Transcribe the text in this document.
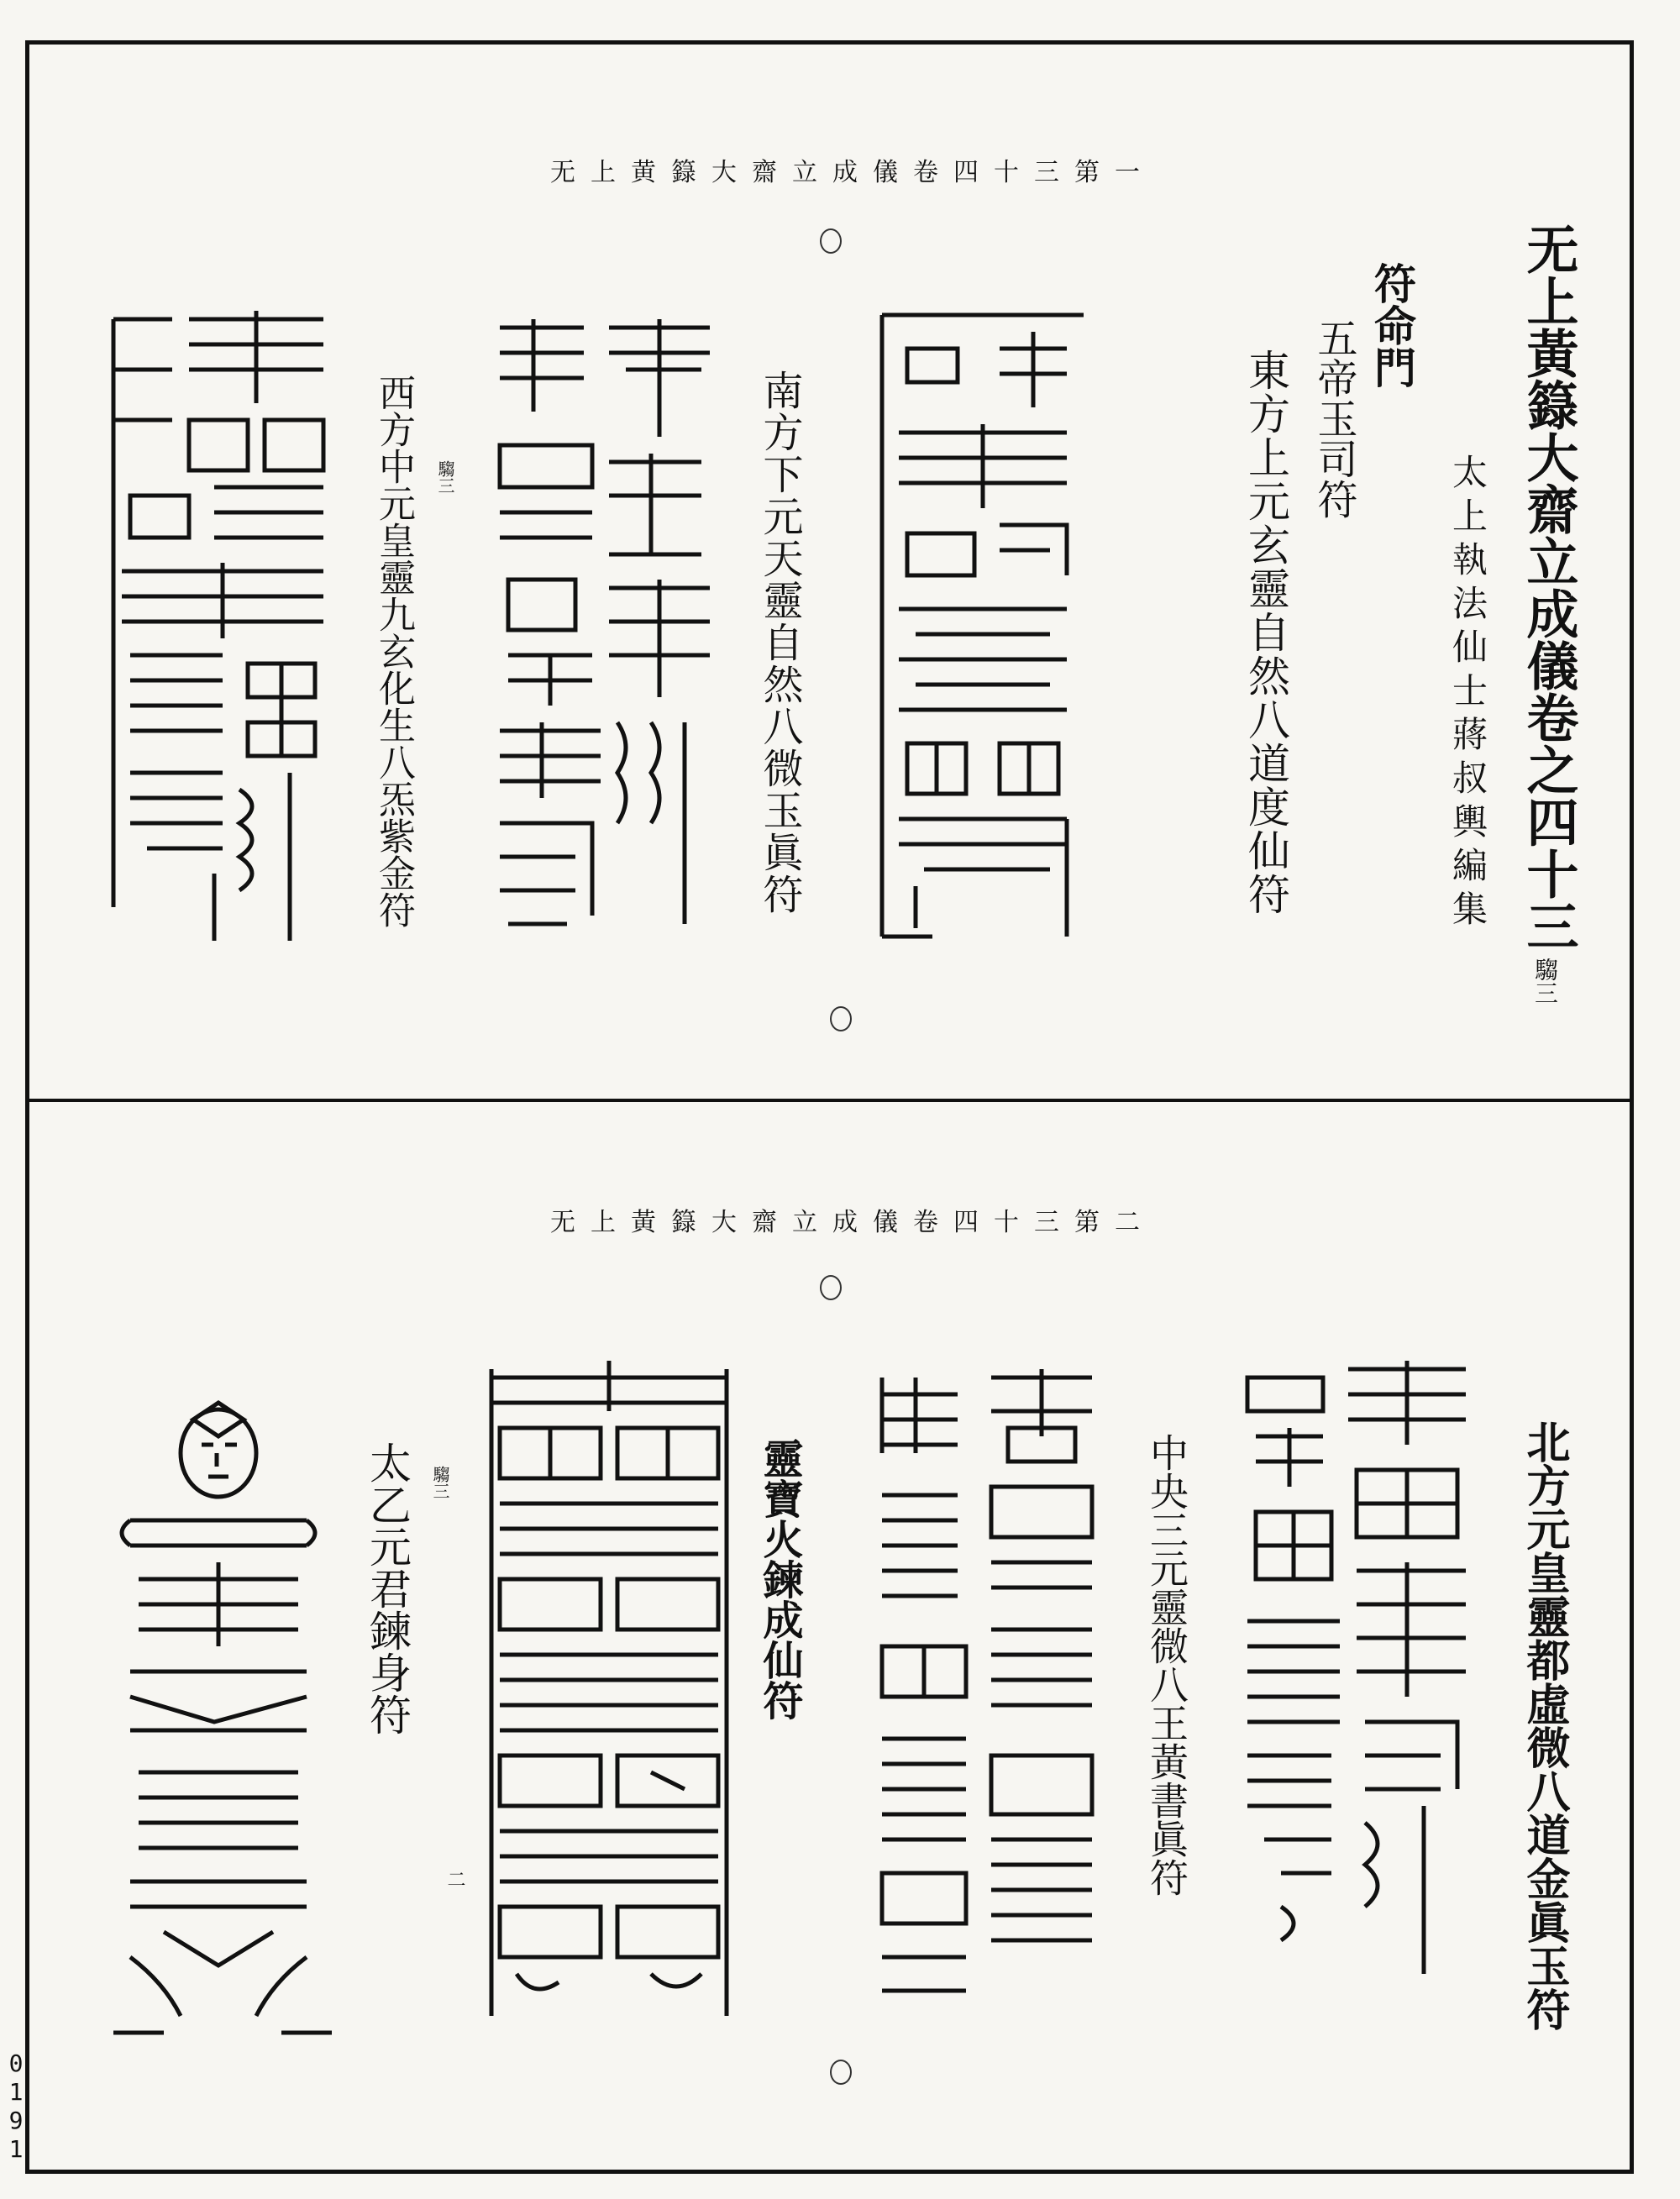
无上黄籙大齋立成儀卷四十三第一
无上黃籙大齋立成儀卷之四十三
太上執法仙士蔣叔輿編集
騶三
符命門
五帝玉司符
東方上元玄靈自然八道度仙符
南方下元天靈自然八微玉眞符
西方中元皇靈九玄化生八炁紫金符 騶三
无上黃籙大齋立成儀卷四十三第二
北方元皇靈都虛微八道金眞玉符
中央三元靈微八王黃書眞符
靈寶火鍊成仙符
太乙元君鍊身符 騶三
二
0
1
9
1
